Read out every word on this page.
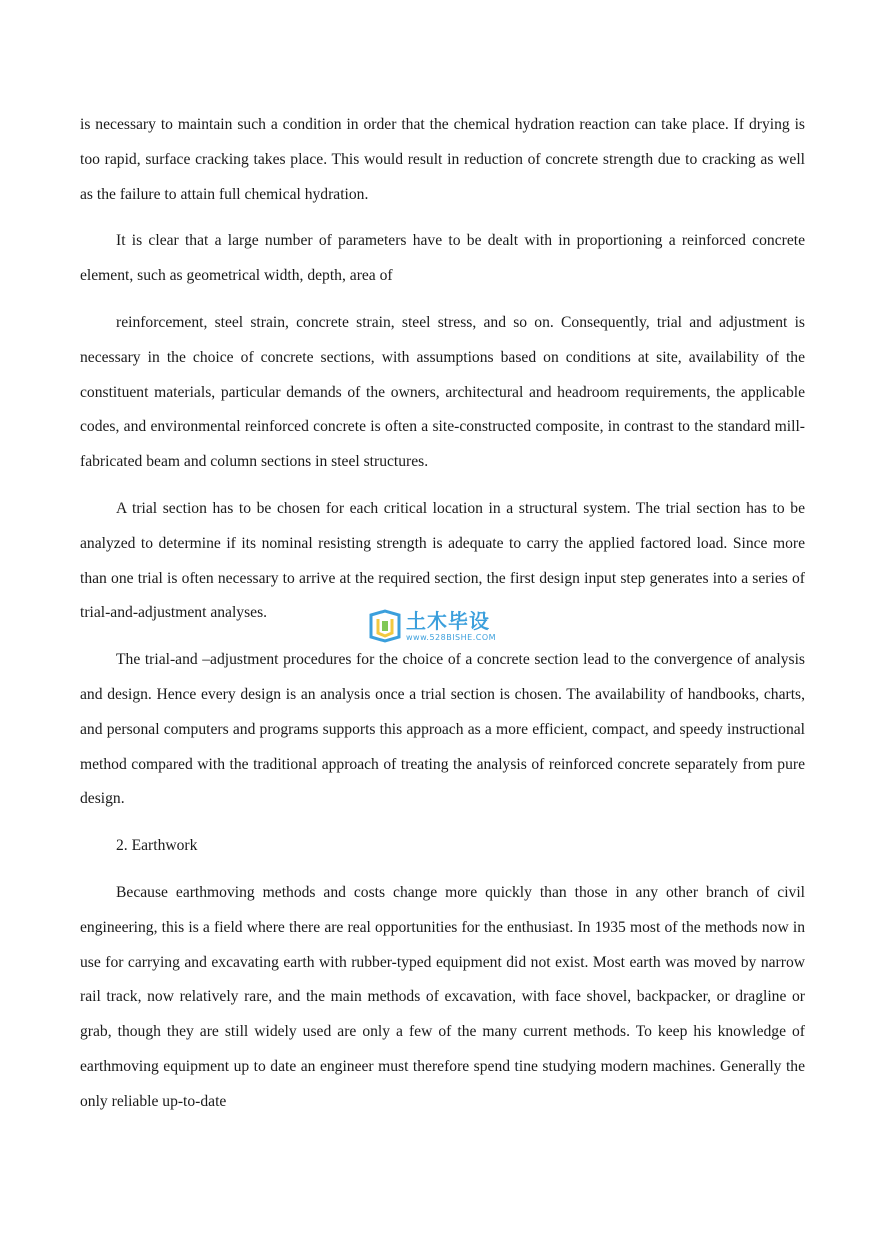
is necessary to maintain such a condition in order that the chemical hydration reaction can take place. If drying is too rapid, surface cracking takes place. This would result in reduction of concrete strength due to cracking as well as the failure to attain full chemical hydration.

It is clear that a large number of parameters have to be dealt with in proportioning a reinforced concrete element, such as geometrical width, depth, area of

reinforcement, steel strain, concrete strain, steel stress, and so on. Consequently, trial and adjustment is necessary in the choice of concrete sections, with assumptions based on conditions at site, availability of the constituent materials, particular demands of the owners, architectural and headroom requirements, the applicable codes, and environmental reinforced concrete is often a site-constructed composite, in contrast to the standard mill-fabricated beam and column sections in steel structures.

A trial section has to be chosen for each critical location in a structural system. The trial section has to be analyzed to determine if its nominal resisting strength is adequate to carry the applied factored load. Since more than one trial is often necessary to arrive at the required section, the first design input step generates into a series of trial-and-adjustment analyses.

The trial-and –adjustment procedures for the choice of a concrete section lead to the convergence of analysis and design. Hence every design is an analysis once a trial section is chosen. The availability of handbooks, charts, and personal computers and programs supports this approach as a more efficient, compact, and speedy instructional method compared with the traditional approach of treating the analysis of reinforced concrete separately from pure design.

2. Earthwork

Because earthmoving methods and costs change more quickly than those in any other branch of civil engineering, this is a field where there are real opportunities for the enthusiast. In 1935 most of the methods now in use for carrying and excavating earth with rubber-typed equipment did not exist. Most earth was moved by narrow rail track, now relatively rare, and the main methods of excavation, with face shovel, backpacker, or dragline or grab, though they are still widely used are only a few of the many current methods. To keep his knowledge of earthmoving equipment up to date an engineer must therefore spend tine studying modern machines. Generally the only reliable up-to-date

土木毕设
www.528BISHE.COM
